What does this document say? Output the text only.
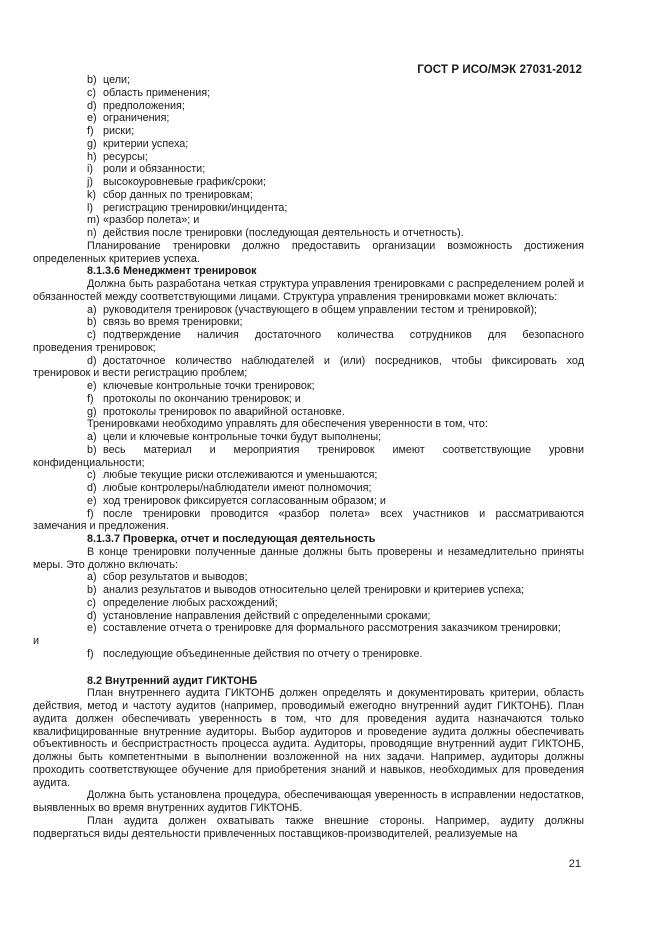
ГОСТ Р ИСО/МЭК 27031-2012
b) цели;
c) область применения;
d) предположения;
e) ограничения;
f) риски;
g) критерии успеха;
h) ресурсы;
i) роли и обязанности;
j) высокоуровневые график/сроки;
k) сбор данных по тренировкам;
l) регистрацию тренировки/инцидента;
m) «разбор полета»; и
n) действия после тренировки (последующая деятельность и отчетность).
Планирование тренировки должно предоставить организации возможность достижения определенных критериев успеха.
8.1.3.6 Менеджмент тренировок
Должна быть разработана четкая структура управления тренировками с распределением ролей и обязанностей между соответствующими лицами. Структура управления тренировками может включать:
a) руководителя тренировок (участвующего в общем управлении тестом и тренировкой);
b) связь во время тренировки;
c) подтверждение наличия достаточного количества сотрудников для безопасного
проведения тренировок;
d) достаточное количество наблюдателей и (или) посредников, чтобы фиксировать ход
тренировок и вести регистрацию проблем;
e) ключевые контрольные точки тренировок;
f) протоколы по окончанию тренировок; и
g) протоколы тренировок по аварийной остановке.
Тренировками необходимо управлять для обеспечения уверенности в том, что:
a) цели и ключевые контрольные точки будут выполнены;
b) весь материал и мероприятия тренировок имеют соответствующие уровни
конфиденциальности;
c) любые текущие риски отслеживаются и уменьшаются;
d) любые контролеры/наблюдатели имеют полномочия;
e) ход тренировок фиксируется согласованным образом; и
f) после тренировки проводится «разбор полета» всех участников и рассматриваются
замечания и предложения.
8.1.3.7 Проверка, отчет и последующая деятельность
В конце тренировки полученные данные должны быть проверены и незамедлительно приняты меры. Это должно включать:
a) сбор результатов и выводов;
b) анализ результатов и выводов относительно целей тренировки и критериев успеха;
c) определение любых расхождений;
d) установление направления действий с определенными сроками;
e) составление отчета о тренировке для формального рассмотрения заказчиком тренировки;
и
f) последующие объединенные действия по отчету о тренировке.
8.2 Внутренний аудит ГИКТОНБ
План внутреннего аудита ГИКТОНБ должен определять и документировать критерии, область действия, метод и частоту аудитов (например, проводимый ежегодно внутренний аудит ГИКТОНБ). План аудита должен обеспечивать уверенность в том, что для проведения аудита назначаются только квалифицированные внутренние аудиторы. Выбор аудиторов и проведение аудита должны обеспечивать объективность и беспристрастность процесса аудита. Аудиторы, проводящие внутренний аудит ГИКТОНБ, должны быть компетентными в выполнении возложенной на них задачи. Например, аудиторы должны проходить соответствующее обучение для приобретения знаний и навыков, необходимых для проведения аудита.
Должна быть установлена процедура, обеспечивающая уверенность в исправлении недостатков, выявленных во время внутренних аудитов ГИКТОНБ.
План аудита должен охватывать также внешние стороны. Например, аудиту должны подвергаться виды деятельности привлеченных поставщиков-производителей, реализуемые на
21
